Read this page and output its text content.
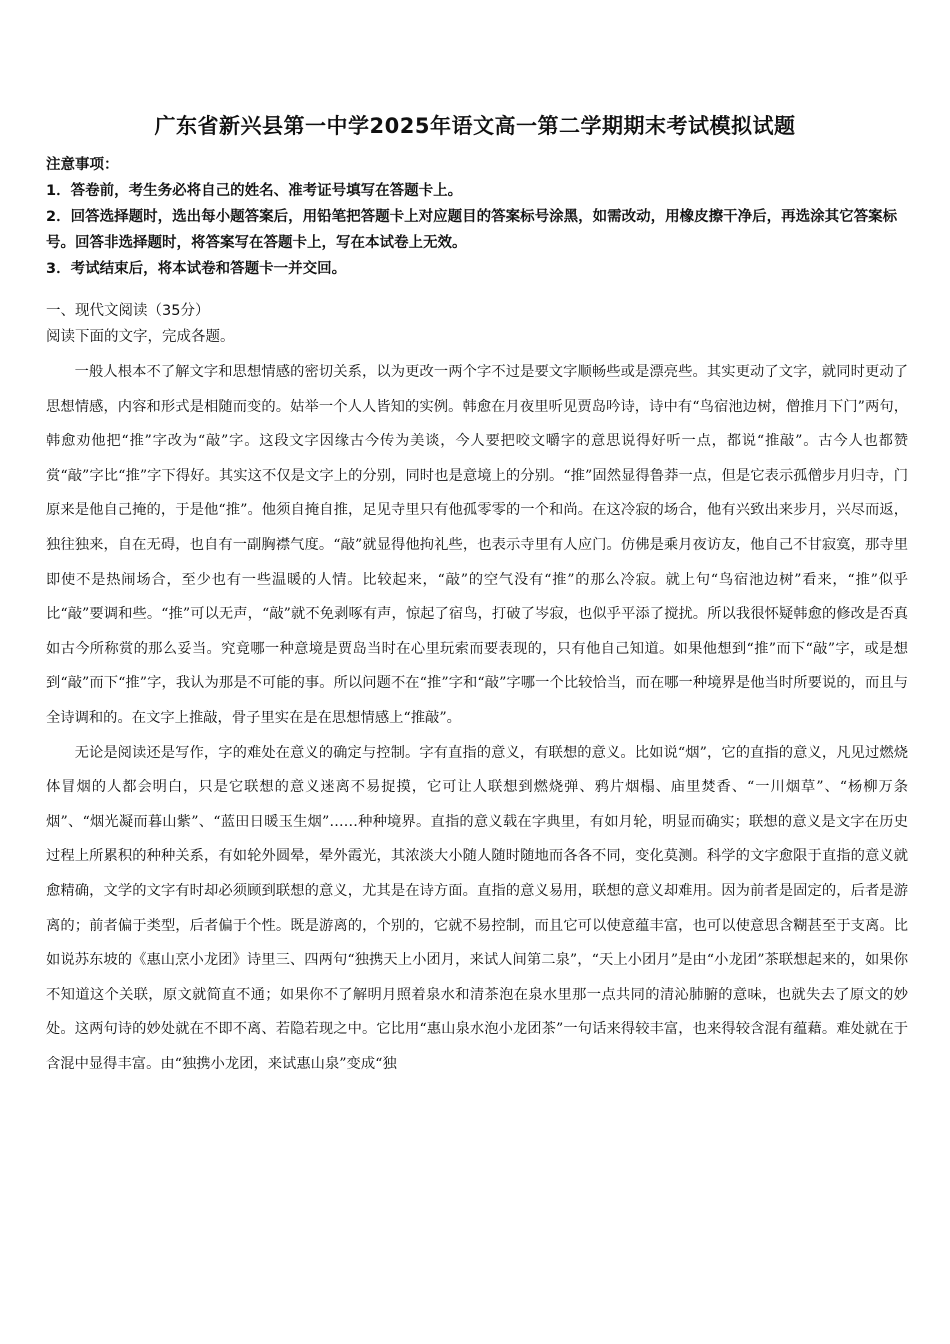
广东省新兴县第一中学2025年语文高一第二学期期末考试模拟试题
注意事项：
1．答卷前，考生务必将自己的姓名、准考证号填写在答题卡上。
2．回答选择题时，选出每小题答案后，用铅笔把答题卡上对应题目的答案标号涂黑，如需改动，用橡皮擦干净后，再选涂其它答案标号。回答非选择题时，将答案写在答题卡上，写在本试卷上无效。
3．考试结束后，将本试卷和答题卡一并交回。
一、现代文阅读（35分）
阅读下面的文字，完成各题。

一般人根本不了解文字和思想情感的密切关系，以为更改一两个字不过是要文字顺畅些或是漂亮些。其实更动了文字，就同时更动了思想情感，内容和形式是相随而变的。姑举一个人人皆知的实例。韩愈在月夜里听见贾岛吟诗，诗中有“鸟宿池边树，僧推月下门”两句，韩愈劝他把“推”字改为“敲”字。这段文字因缘古今传为美谈，今人要把咬文嚼字的意思说得好听一点，都说“推敲”。古今人也都赞赏“敲”字比“推”字下得好。其实这不仅是文字上的分别，同时也是意境上的分别。“推”固然显得鲁莽一点，但是它表示孤僧步月归寺，门原来是他自己掩的，于是他“推”。他须自掩自推，足见寺里只有他孤零零的一个和尚。在这冷寂的场合，他有兴致出来步月，兴尽而返，独往独来，自在无碍，也自有一副胸襟气度。“敲”就显得他拘礼些，也表示寺里有人应门。仿佛是乘月夜访友，他自己不甘寂寞，那寺里即使不是热闹场合，至少也有一些温暖的人情。比较起来，“敲”的空气没有“推”的那么冷寂。就上句“鸟宿池边树”看来，“推”似乎比“敲”要调和些。“推”可以无声，“敲”就不免剥啄有声，惊起了宿鸟，打破了岑寂，也似乎平添了搅扰。所以我很怀疑韩愈的修改是否真如古今所称赏的那么妥当。究竟哪一种意境是贾岛当时在心里玩索而要表现的，只有他自己知道。如果他想到“推”而下“敲”字，或是想到“敲”而下“推”字，我认为那是不可能的事。所以问题不在“推”字和“敲”字哪一个比较恰当，而在哪一种境界是他当时所要说的，而且与全诗调和的。在文字上推敲，骨子里实在是在思想情感上“推敲”。

无论是阅读还是写作，字的难处在意义的确定与控制。字有直指的意义，有联想的意义。比如说“烟”，它的直指的意义，凡见过燃烧体冒烟的人都会明白，只是它联想的意义迷离不易捉摸，它可让人联想到燃烧弹、鸦片烟榻、庙里焚香、“一川烟草”、“杨柳万条烟”、“烟光凝而暮山紫”、“蓝田日暖玉生烟”……种种境界。直指的意义载在字典里，有如月轮，明显而确实；联想的意义是文字在历史过程上所累积的种种关系，有如轮外圆晕，晕外霞光，其浓淡大小随人随时随地而各各不同，变化莫测。科学的文字愈限于直指的意义就愈精确，文学的文字有时却必须顾到联想的意义，尤其是在诗方面。直指的意义易用，联想的意义却难用。因为前者是固定的，后者是游离的；前者偏于类型，后者偏于个性。既是游离的，个别的，它就不易控制，而且它可以使意蕴丰富，也可以使意思含糊甚至于支离。比如说苏东坡的《惠山烹小龙团》诗里三、四两句“独携天上小团月，来试人间第二泉”，“天上小团月”是由“小龙团”茶联想起来的，如果你不知道这个关联，原文就简直不通；如果你不了解明月照着泉水和清茶泡在泉水里那一点共同的清沁肺腑的意味，也就失去了原文的妙处。这两句诗的妙处就在不即不离、若隐若现之中。它比用“惠山泉水泡小龙团茶”一句话来得较丰富，也来得较含混有蕴藉。难处就在于含混中显得丰富。由“独携小龙团，来试惠山泉”变成“独
